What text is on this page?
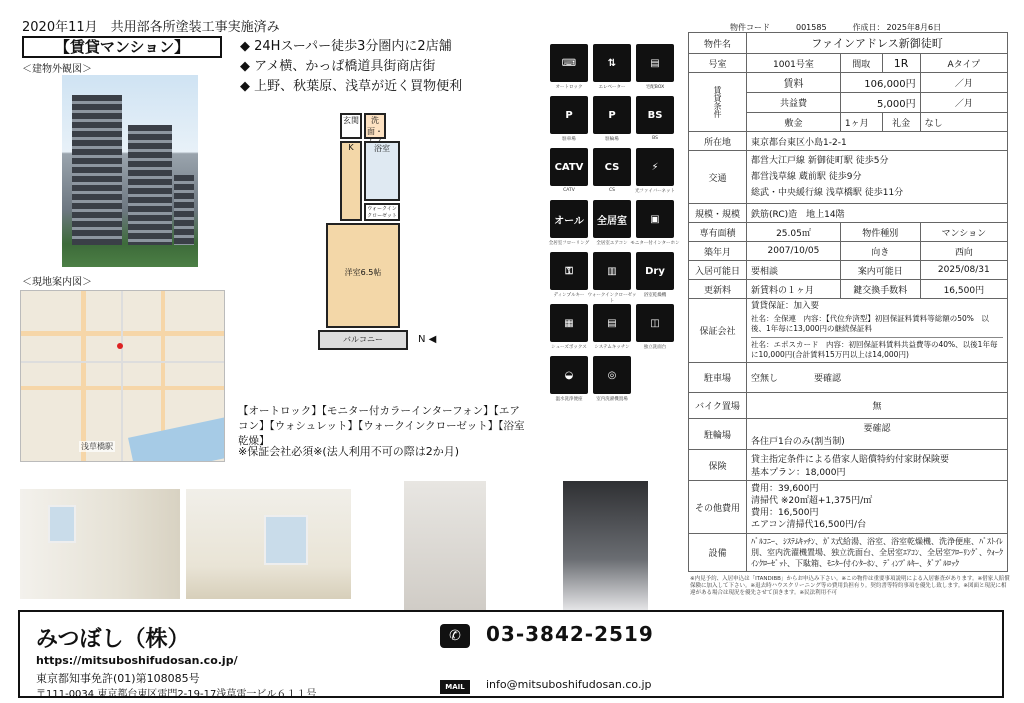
2020年11月　共用部各所塗装工事実施済み
【賃貸マンション】
＜建物外観図＞
◆ 24Hスーパー徒歩3分圏内に2店舗
◆ アメ横、かっぱ橋道具街商店街
◆ 上野、秋葉原、浅草が近く買物便利
＜現地案内図＞
浅草橋駅
玄関	洗面・
K	浴室
ウォークインクローゼット
洋室6.5帖
バルコニー	N ◀
⌨
オートロック
⇅
エレベーター
▤
宅配BOX
P
駐車場
P
駐輪場
BS
BS
CATV
CATV
CS
CS
⚡
光ファイバーネット
オール
全居室フローリング
全居室
全居室エアコン
▣
モニター付インターホン
⚿
ディンプルキー
▥
ウォークインクローゼット
Dry
浴室乾燥機
▦
シューズボックス
▤
システムキッチン
◫
独立洗面台
◒
温水洗浄便座
◎
室内洗濯機置場
【オートロック】【モニター付カラーインターフォン】【エアコン】【ウォシュレット】【ウォークインクローゼット】【浴室乾燥】
※保証会社必須※(法人利用不可の際は2か月)
物件コード	001585	作成日： 2025年8月6日
物件名	ファインアドレス新御徒町			
号室	1001号室	間取	1R	Aタイプ
賃貸条件	賃料	106,000円		／月
	共益費	5,000円		／月
	敷金	1ヶ月	礼金	なし
所在地	東京都台東区小島1-2-1			
交通	都営大江戸線 新御徒町駅 徒歩5分
都営浅草線 蔵前駅 徒歩9分
総武・中央緩行線 浅草橋駅 徒歩11分			

規模・規模	鉄筋(RC)造　地上14階			
専有面積	25.05㎡	物件種別		マンション
築年月	2007/10/05	向き		西向
入居可能日	要相談	案内可能日		2025/08/31
更新料	新賃料の１ヶ月	鍵交換手数料		16,500円
保証会社	賃貸保証：加入要
社名：全保連　内容：【代位弁済型】初回保証料賃料等総額の50%　以後、1年毎に13,000円の継続保証料
社名：エポスカード　内容：初回保証料賃料共益費等の40%、以後1年毎に10,000円(合計賃料15万円以上は14,000円)			

駐車場	空無し　　　　要確認			
バイク置場	無			
駐輪場	要確認
各住戸1台のみ(割当制)			

保険	貸主指定条件による借家人賠償特約付家財保険要
基本プラン：18,000円			

その他費用	費用：39,600円
清掃代 ※20㎡超+1,375円/㎡
費用：16,500円
エアコン清掃代16,500円/台			

設備	ﾊﾞﾙｺﾆｰ、ｼｽﾃﾑｷｯﾁﾝ、ｶﾞｽ式給湯、浴室、浴室乾燥機、洗浄便座、ﾊﾞｽﾄｲﾚ別、室内洗濯機置場、独立洗面台、全居室ｴｱｺﾝ、全居室ﾌﾛｰﾘﾝｸﾞ、ｳｫｰｸｲﾝｸﾛｰｾﾞｯﾄ、下駄箱、ﾓﾆﾀｰ付ｲﾝﾀｰﾎﾝ、ﾃﾞｨﾝﾌﾟﾙｷｰ、ﾀﾞﾌﾞﾙﾛｯｸ			
※内見予約、入居申込は「ITANDIBB」からお申込み下さい。※この物件は重要事項説明による入居審査があります。※借家人賠償保険に加入して下さい。※退去時ハウスクリーニング等の費用負担有り。契約書等特約事項を優先し致します。※図面と現況に相違がある場合は現況を優先させて頂きます。※民法利用不可
みつぼし（株）
https://mitsuboshifudosan.co.jp/
東京都知事免許(01)第108085号
〒111-0034 東京都台東区雷門2-19-17浅草雷一ビル６１１号
✆	03-3842-2519
MAIL	info@mitsuboshifudosan.co.jp
